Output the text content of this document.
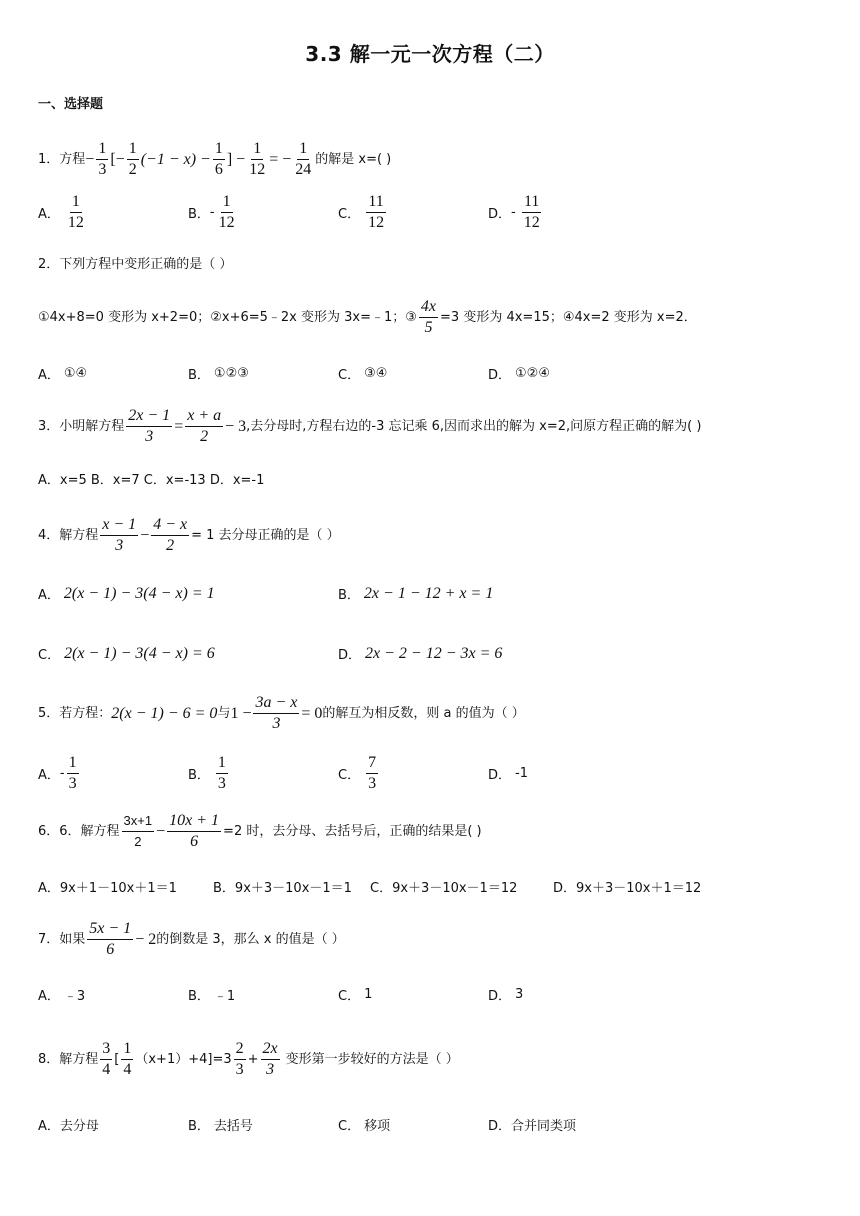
3.3 解一元一次方程（二）
一、选择题
1． 方程 − $\frac{1}{3}$ [− $\frac{1}{2} (-1 - x) - \frac{1}{6}$ ] − $\frac{1}{12}$ = − $\frac{1}{24}$ 的解是 x=( )
A． $\frac{1}{12}$	B． - $\frac{1}{12}$	C． $\frac{11}{12}$	D． - $\frac{11}{12}$
2．下列方程中变形正确的是（ ）
①4x+8=0 变形为 x+2=0；②x+6=5﹣2x 变形为 3x=﹣1；③ $\frac{4x}{5} =3$ 变形为 4x=15；④4x=2 变形为 x=2．
A． ①④	B． ①②③	C． ③④	D． ①②④
3．小明解方程 $\frac{2x - 1}{3} = \frac{x + a}{2} - 3$ ,去分母时,方程右边的-3 忘记乘 6,因而求出的解为 x=2,问原方程正确的解为( )
A．x=5 B．x=7 C．x=-13 D．x=-1
4．解方程 $\frac{x - 1}{3} - \frac{4 - x}{2} = 1$ 去分母正确的是（ ）
A． 2(x − 1) − 3(4 − x) = 1	B． 2x − 1 − 12 + x = 1
C． 2(x − 1) − 3(4 − x) = 6	D． 2x − 2 − 12 − 3x = 6
5．若方程： 2(x − 1) − 6 = 0 与 $1 - \frac{3a - x}{3} = 0$ 的解互为相反数，则 a 的值为（ ）
A． - $\frac{1}{3}$	B． $\frac{1}{3}$	C． $\frac{7}{3}$	D． -1
6．6．解方程 $\frac{3x+1}{2} - \frac{10x + 1}{6} =2$ 时，去分母、去括号后，正确的结果是( )
A． 9x＋1－10x＋1＝1	B． 9x＋3－10x－1＝1 C． 9x＋3－10x－1＝12	D． 9x＋3－10x＋1＝12
7．如果 $\frac{5x - 1}{6} - 2$ 的倒数是 3，那么 x 的值是（ ）
A． ﹣3	B． ﹣1	C． 1	D． 3
8．解方程 $\frac{3}{4}$ [ $\frac{1}{4} (x+1)+4]=3 \frac{2}{3} + \frac{2x}{3}$ 变形第一步较好的方法是（ ）
A． 去分母	B． 去括号	C． 移项	D． 合并同类项
